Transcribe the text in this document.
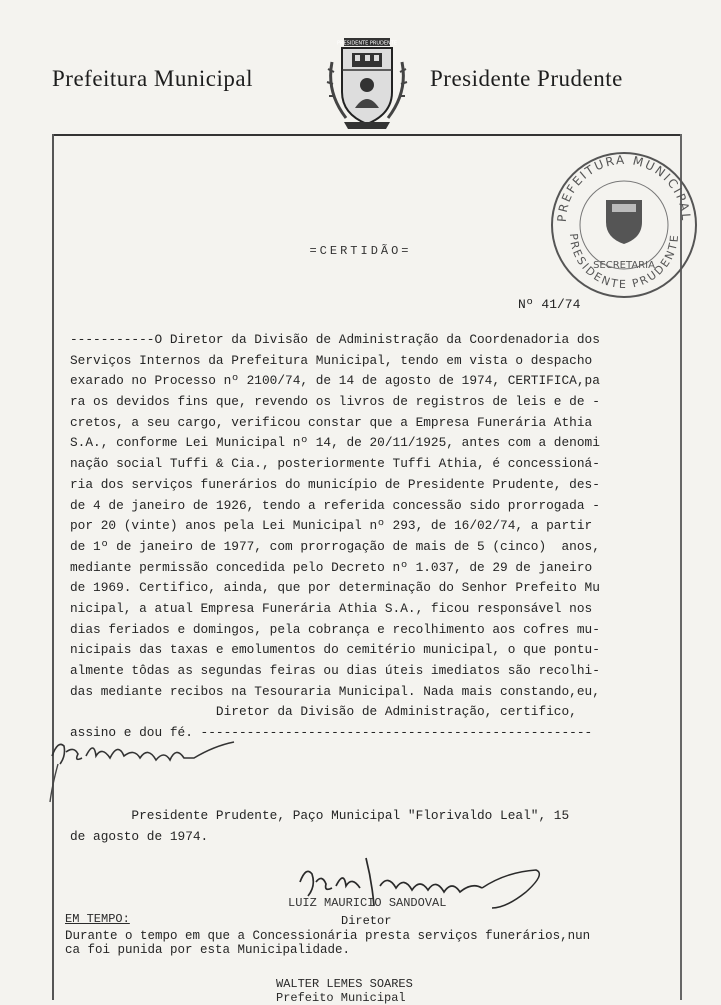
Prefeitura Municipal
PRESIDENTE PRUDENTE
Presidente Prudente
PREFEITURA MUNICIPAL
PRESIDENTE PRUDENTE
SECRETARIA
=CERTIDÃO=
Nº 41/74
-----------O Diretor da Divisão de Administração da Coordenadoria dos
Serviços Internos da Prefeitura Municipal, tendo em vista o despacho
exarado no Processo nº 2100/74, de 14 de agosto de 1974, CERTIFICA,pa
ra os devidos fins que, revendo os livros de registros de leis e de -
cretos, a seu cargo, verificou constar que a Empresa Funerária Athia
S.A., conforme Lei Municipal nº 14, de 20/11/1925, antes com a denomi
nação social Tuffi & Cia., posteriormente Tuffi Athia, é concessioná-
ria dos serviços funerários do município de Presidente Prudente, des-
de 4 de janeiro de 1926, tendo a referida concessão sido prorrogada -
por 20 (vinte) anos pela Lei Municipal nº 293, de 16/02/74, a partir
de 1º de janeiro de 1977, com prorrogação de mais de 5 (cinco)  anos,
mediante permissão concedida pelo Decreto nº 1.037, de 29 de janeiro
de 1969. Certifico, ainda, que por determinação do Senhor Prefeito Mu
nicipal, a atual Empresa Funerária Athia S.A., ficou responsável nos
dias feriados e domingos, pela cobrança e recolhimento aos cofres mu-
nicipais das taxas e emolumentos do cemitério municipal, o que pontu-
almente tôdas as segundas feiras ou dias úteis imediatos são recolhi-
das mediante recibos na Tesouraria Municipal. Nada mais constando,eu,
Diretor da Divisão de Administração, certifico,
assino e dou fé. ---------------------------------------------------
Presidente Prudente, Paço Municipal "Florivaldo Leal", 15
de agosto de 1974.
LUIZ MAURICIO SANDOVAL
Diretor
EM TEMPO:
Durante o tempo em que a Concessionária presta serviços funerários,nun
ca foi punida por esta Municipalidade.
WALTER LEMES SOARES
Prefeito Municipal
